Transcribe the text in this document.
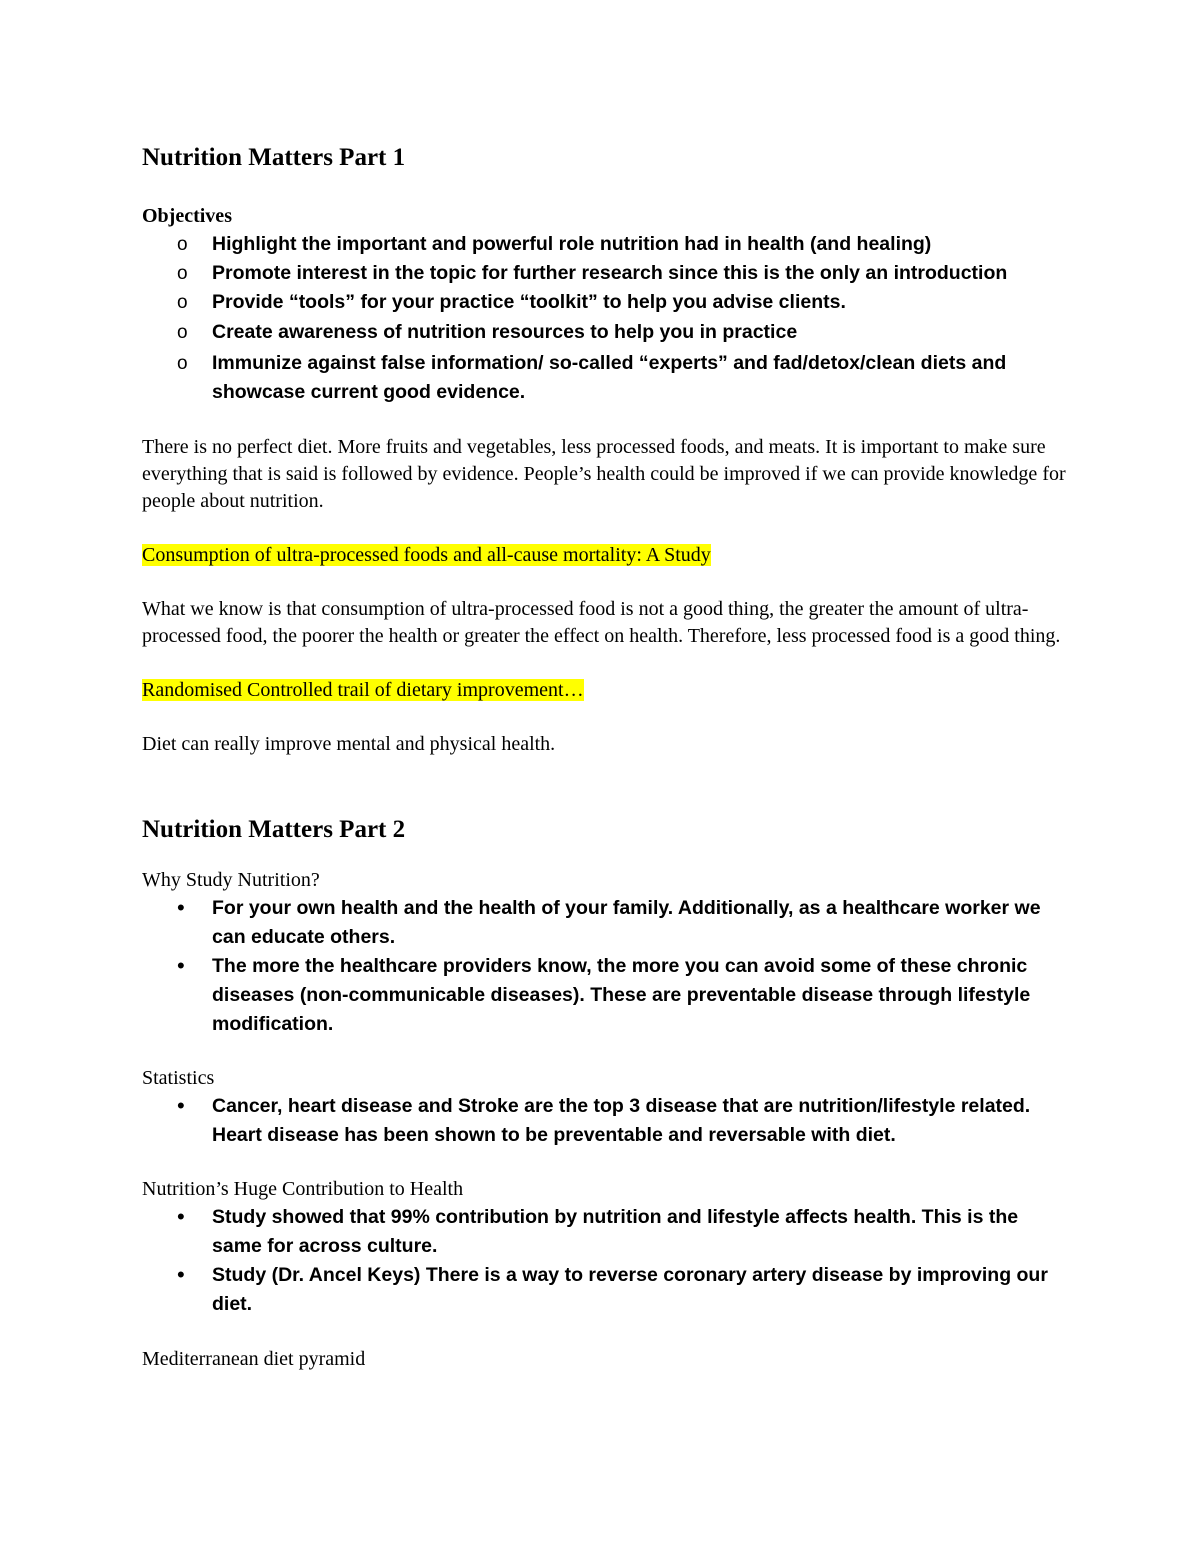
Nutrition Matters Part 1
Objectives
o Highlight the important and powerful role nutrition had in health (and healing)
o Promote interest in the topic for further research since this is the only an introduction
o Provide “tools” for your practice “toolkit” to help you advise clients.
o Create awareness of nutrition resources to help you in practice
o Immunize against false information/ so-called “experts” and fad/detox/clean diets and showcase current good evidence.

There is no perfect diet. More fruits and vegetables, less processed foods, and meats. It is important to make sure everything that is said is followed by evidence. People’s health could be improved if we can provide knowledge for people about nutrition.

Consumption of ultra-processed foods and all-cause mortality: A Study

What we know is that consumption of ultra-processed food is not a good thing, the greater the amount of ultra-processed food, the poorer the health or greater the effect on health. Therefore, less processed food is a good thing.

Randomised Controlled trail of dietary improvement…

Diet can really improve mental and physical health.

Nutrition Matters Part 2
Why Study Nutrition?
• For your own health and the health of your family. Additionally, as a healthcare worker we can educate others.
• The more the healthcare providers know, the more you can avoid some of these chronic diseases (non-communicable diseases). These are preventable disease through lifestyle modification.
Statistics
• Cancer, heart disease and Stroke are the top 3 disease that are nutrition/lifestyle related. Heart disease has been shown to be preventable and reversable with diet.
Nutrition’s Huge Contribution to Health
• Study showed that 99% contribution by nutrition and lifestyle affects health. This is the same for across culture.
• Study (Dr. Ancel Keys) There is a way to reverse coronary artery disease by improving our diet.
Mediterranean diet pyramid
